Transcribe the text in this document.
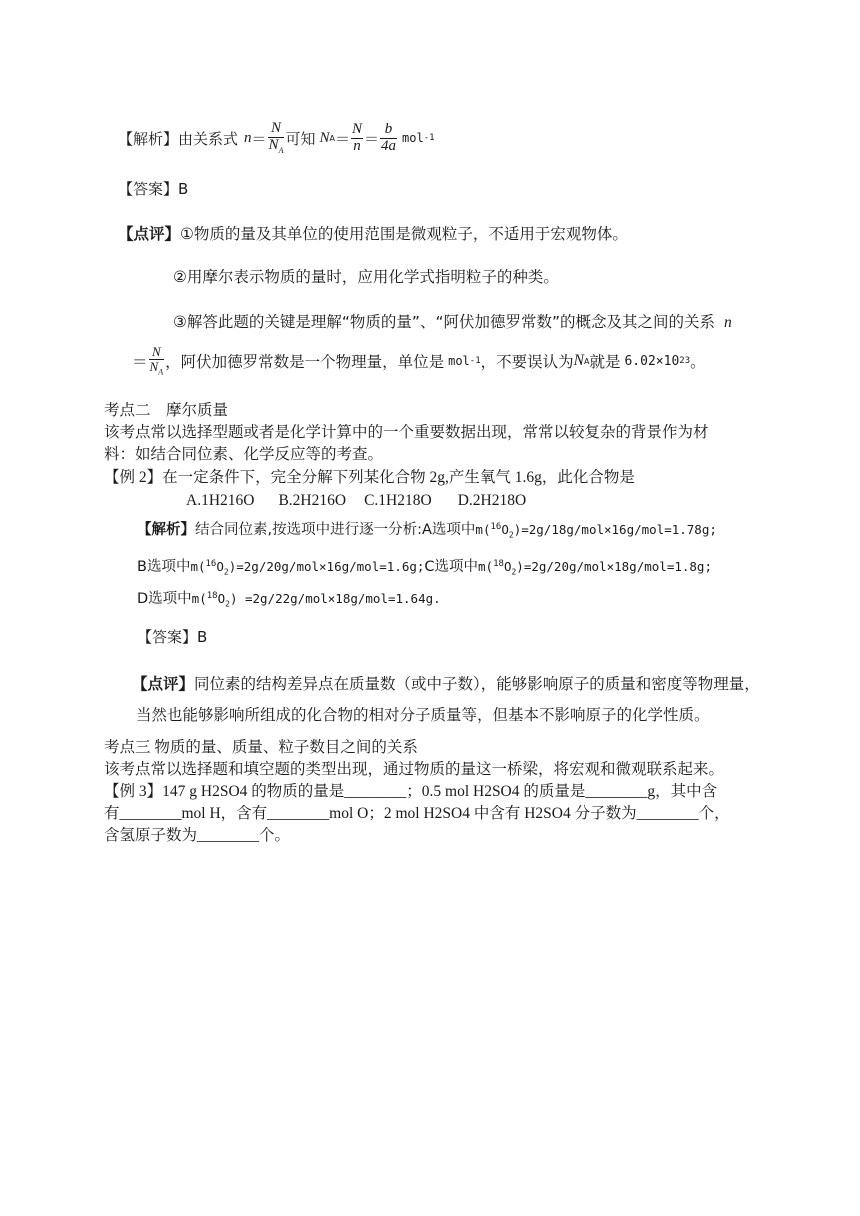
【解析】 由关系式 $n = \frac{N}{N_A}$ 可知 N $A = \frac{N}{n} = \frac{b}{4a}$ mol -1
【答案】B
【点评】①物质的量及其单位的使用范围是微观粒子，不适用于宏观物体。
②用摩尔表示物质的量时，应用化学式指明粒子的种类。
③解答此题的关键是理解“物质的量”、“阿伏加德罗常数”的概念及其之间的关系 n
＝ $\frac{N}{N_A}$ ，阿伏加德罗常数是一个物理量，单位是 mol -1 ，不要误认为 N A 就是 6.02×10 23 。
考点二　摩尔质量
该考点常以选择型题或者是化学计算中的一个重要数据出现，常常以较复杂的背景作为材
料：如结合同位素、化学反应等的考查。
【例 2】在一定条件下，完全分解下列某化合物 2g,产生氧气 1.6g，此化合物是
A.1H216O B.2H216O C.1H218O D.2H218O
【解析】结合同位素,按选项中进行逐一分析:A选项中$m(^{16}O_2)=2g/18g/mol\times 16g/mol=1.78g$;
B选项中$m(^{16}O_2)=2g/20g/mol\times 16g/mol=1.6g;C$选项中$m(^{18}O_2)=2g/20g/mol\times 18g/mol=1.8g$;
D选项中$m(^{18}O_2) =2g/22g/mol\times 18g/mol=1.64g$.
【答案】B
【点评】同位素的结构差异点在质量数（或中子数），能够影响原子的质量和密度等物理量，
当然也能够影响所组成的化合物的相对分子质量等，但基本不影响原子的化学性质。
考点三 物质的量、质量、粒子数目之间的关系
该考点常以选择题和填空题的类型出现，通过物质的量这一桥梁，将宏观和微观联系起来。
【例 3】147 g H2SO4 的物质的量是________；0.5 mol H2SO4 的质量是________g，其中含
有________mol H，含有________mol O；2 mol H2SO4 中含有 H2SO4 分子数为________个，
含氢原子数为________个。
